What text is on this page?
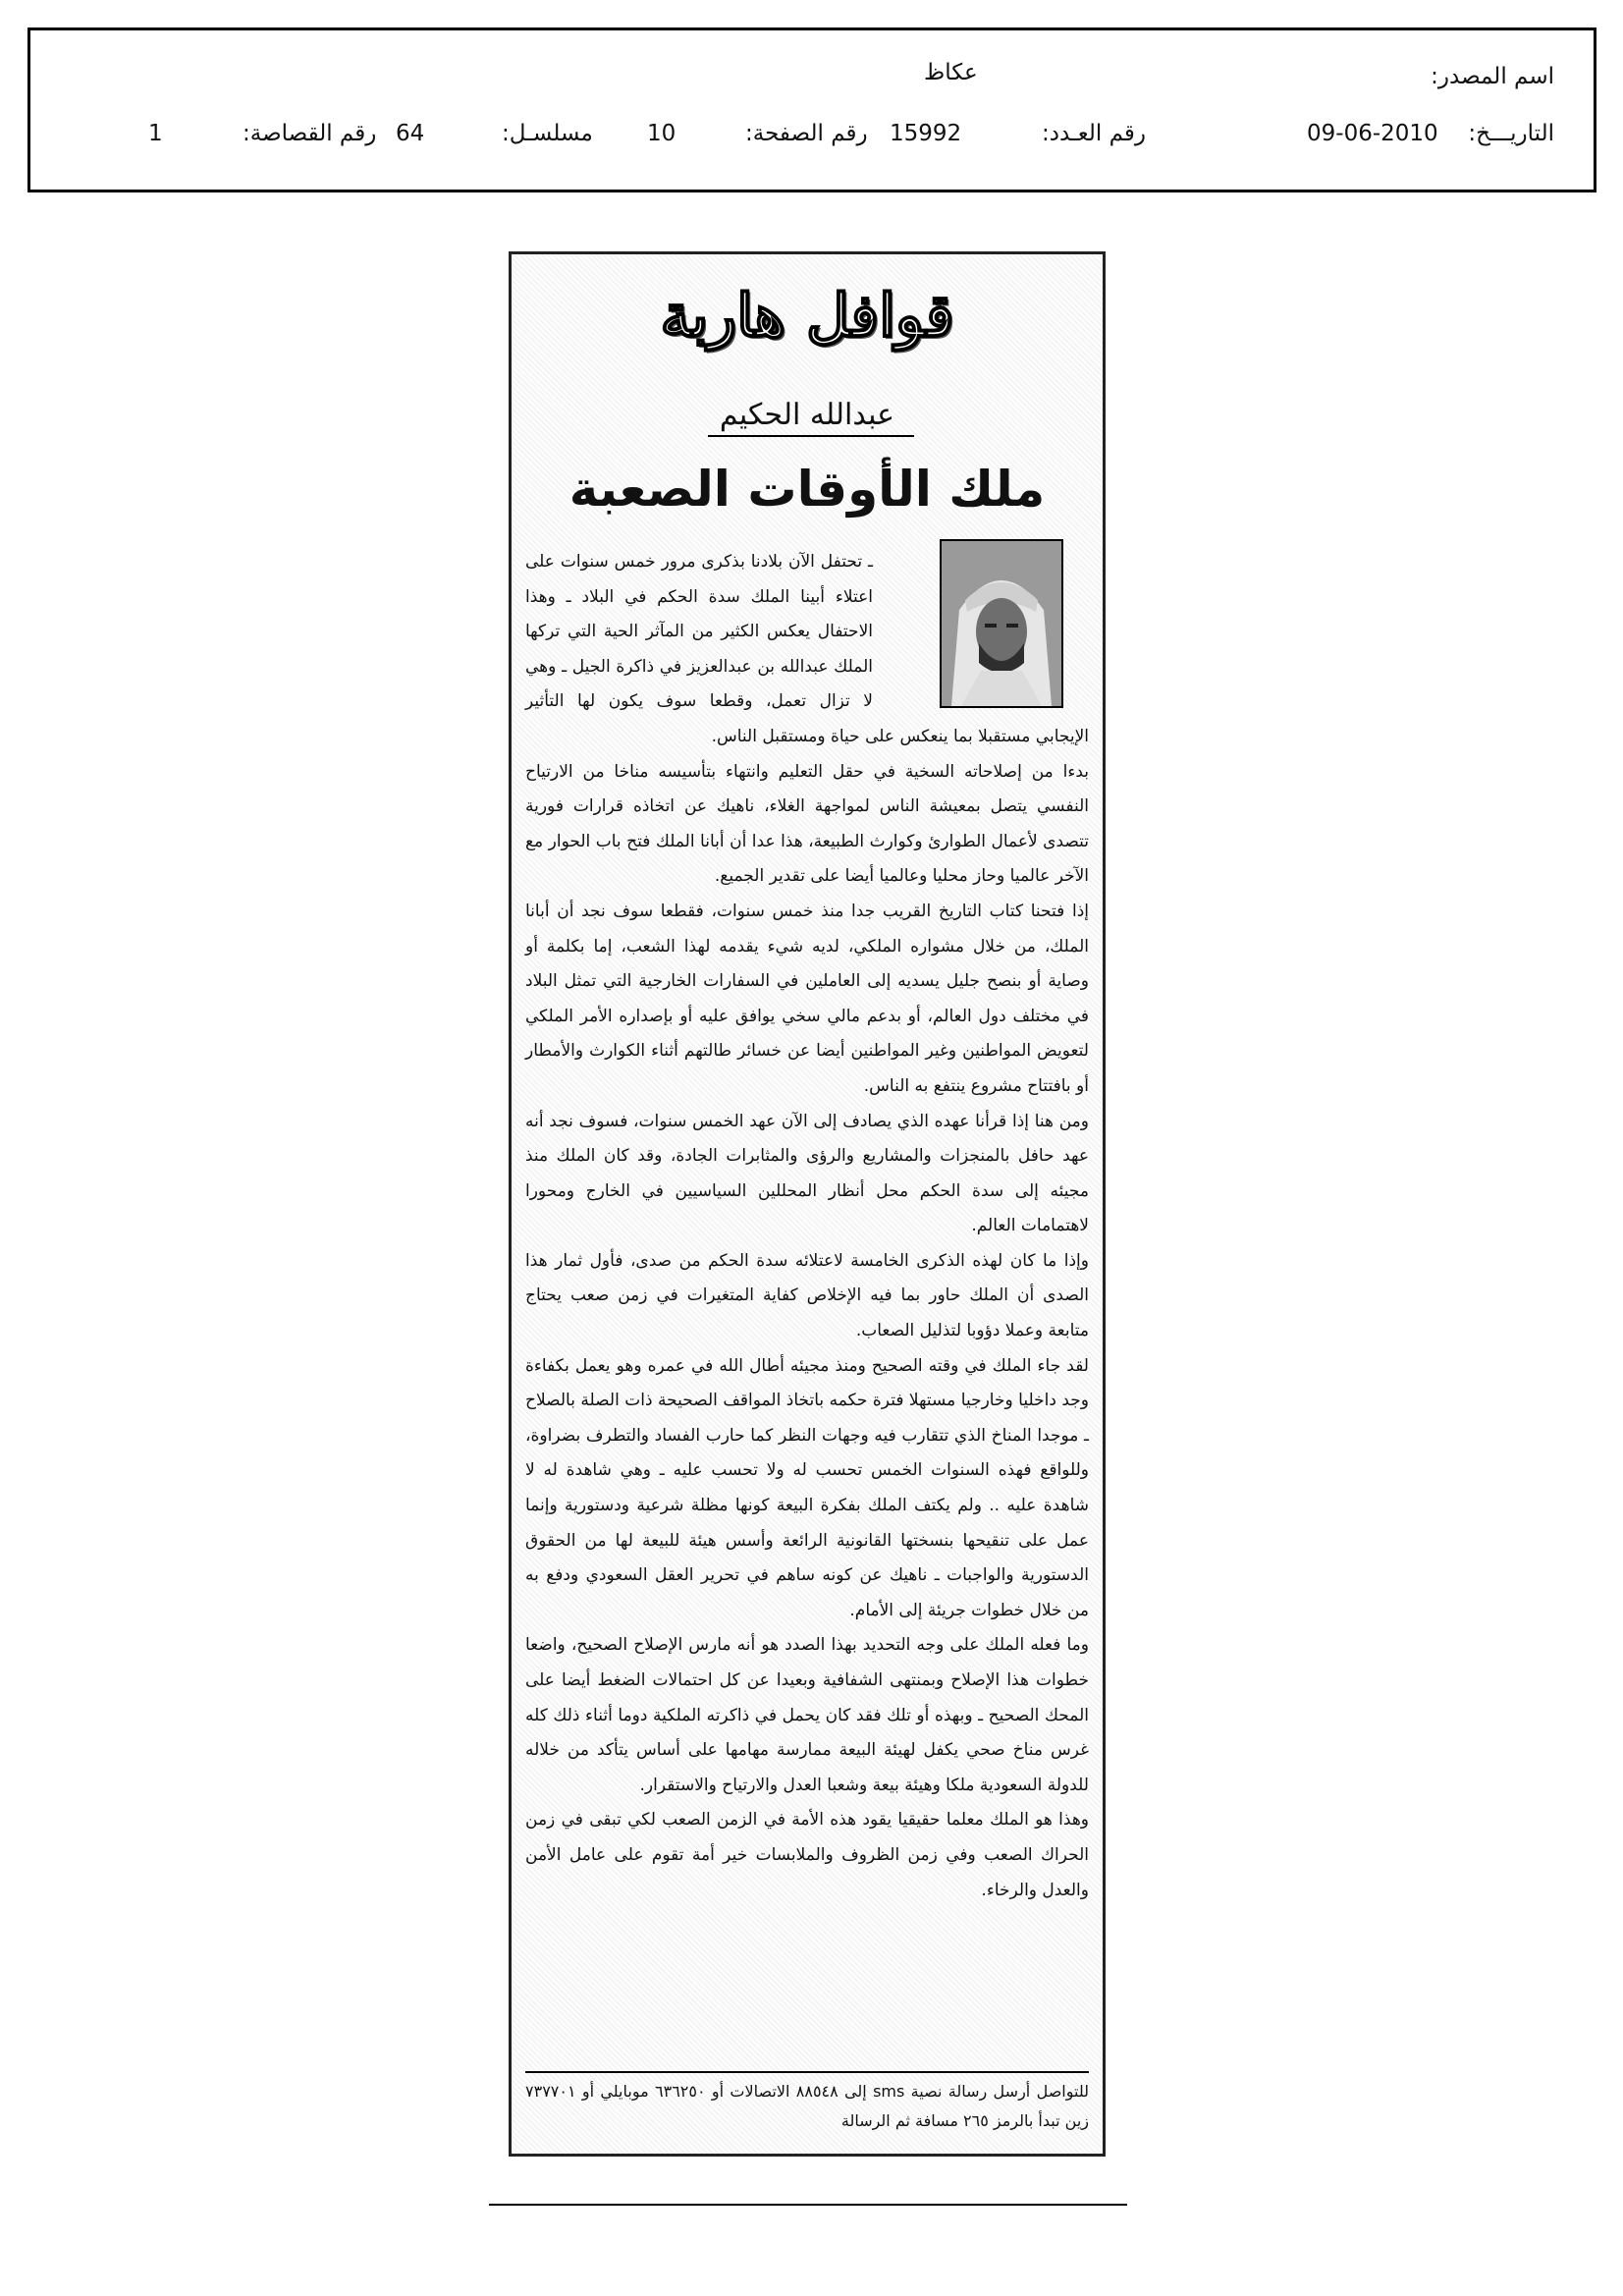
اسم المصدر:
عكاظ
التاريـــخ:
09-06-2010
رقم العـدد:
15992
رقم الصفحة:
10
مسلسـل:
64
رقم القصاصة:
1
قوافل هاربة
عبدالله الحكيم
ملك الأوقات الصعبة

ـ تحتفل الآن بلادنا بذكرى مرور خمس سنوات على اعتلاء أبينا الملك سدة الحكم في البلاد ـ وهذا الاحتفال يعكس الكثير من المآثر الحية التي تركها الملك عبدالله بن عبدالعزيز في ذاكرة الجيل ـ وهي لا تزال تعمل، وقطعا سوف يكون لها التأثير الإيجابي مستقبلا بما ينعكس على حياة ومستقبل الناس.

بدءا من إصلاحاته السخية في حقل التعليم وانتهاء بتأسيسه مناخا من الارتياح النفسي يتصل بمعيشة الناس لمواجهة الغلاء، ناهيك عن اتخاذه قرارات فورية تتصدى لأعمال الطوارئ وكوارث الطبيعة، هذا عدا أن أبانا الملك فتح باب الحوار مع الآخر عالميا وحاز محليا وعالميا أيضا على تقدير الجميع.

إذا فتحنا كتاب التاريخ القريب جدا منذ خمس سنوات، فقطعا سوف نجد أن أبانا الملك، من خلال مشواره الملكي، لديه شيء يقدمه لهذا الشعب، إما بكلمة أو وصاية أو بنصح جليل يسديه إلى العاملين في السفارات الخارجية التي تمثل البلاد في مختلف دول العالم، أو بدعم مالي سخي يوافق عليه أو بإصداره الأمر الملكي لتعويض المواطنين وغير المواطنين أيضا عن خسائر طالتهم أثناء الكوارث والأمطار أو بافتتاح مشروع ينتفع به الناس.

ومن هنا إذا قرأنا عهده الذي يصادف إلى الآن عهد الخمس سنوات، فسوف نجد أنه عهد حافل بالمنجزات والمشاريع والرؤى والمثابرات الجادة، وقد كان الملك منذ مجيئه إلى سدة الحكم محل أنظار المحللين السياسيين في الخارج ومحورا لاهتمامات العالم.

وإذا ما كان لهذه الذكرى الخامسة لاعتلائه سدة الحكم من صدى، فأول ثمار هذا الصدى أن الملك حاور بما فيه الإخلاص كفاية المتغيرات في زمن صعب يحتاج متابعة وعملا دؤوبا لتذليل الصعاب.

لقد جاء الملك في وقته الصحيح ومنذ مجيئه أطال الله في عمره وهو يعمل بكفاءة وجد داخليا وخارجيا مستهلا فترة حكمه باتخاذ المواقف الصحيحة ذات الصلة بالصلاح ـ موجدا المناخ الذي تتقارب فيه وجهات النظر كما حارب الفساد والتطرف بضراوة، وللواقع فهذه السنوات الخمس تحسب له ولا تحسب عليه ـ وهي شاهدة له لا شاهدة عليه .. ولم يكتف الملك بفكرة البيعة كونها مظلة شرعية ودستورية وإنما عمل على تنقيحها بنسختها القانونية الرائعة وأسس هيئة للبيعة لها من الحقوق الدستورية والواجبات ـ ناهيك عن كونه ساهم في تحرير العقل السعودي ودفع به من خلال خطوات جريئة إلى الأمام.

وما فعله الملك على وجه التحديد بهذا الصدد هو أنه مارس الإصلاح الصحيح، واضعا خطوات هذا الإصلاح وبمنتهى الشفافية وبعيدا عن كل احتمالات الضغط أيضا على المحك الصحيح ـ وبهذه أو تلك فقد كان يحمل في ذاكرته الملكية دوما أثناء ذلك كله غرس مناخ صحي يكفل لهيئة البيعة ممارسة مهامها على أساس يتأكد من خلاله للدولة السعودية ملكا وهيئة بيعة وشعبا العدل والارتياح والاستقرار.

وهذا هو الملك معلما حقيقيا يقود هذه الأمة في الزمن الصعب لكي تبقى في زمن الحراك الصعب وفي زمن الظروف والملابسات خير أمة تقوم على عامل الأمن والعدل والرخاء.

للتواصل أرسل رسالة نصية sms إلى ٨٨٥٤٨ الاتصالات أو ٦٣٦٢٥٠ موبايلي أو ٧٣٧٧٠١ زين تبدأ بالرمز ٢٦٥ مسافة ثم الرسالة
